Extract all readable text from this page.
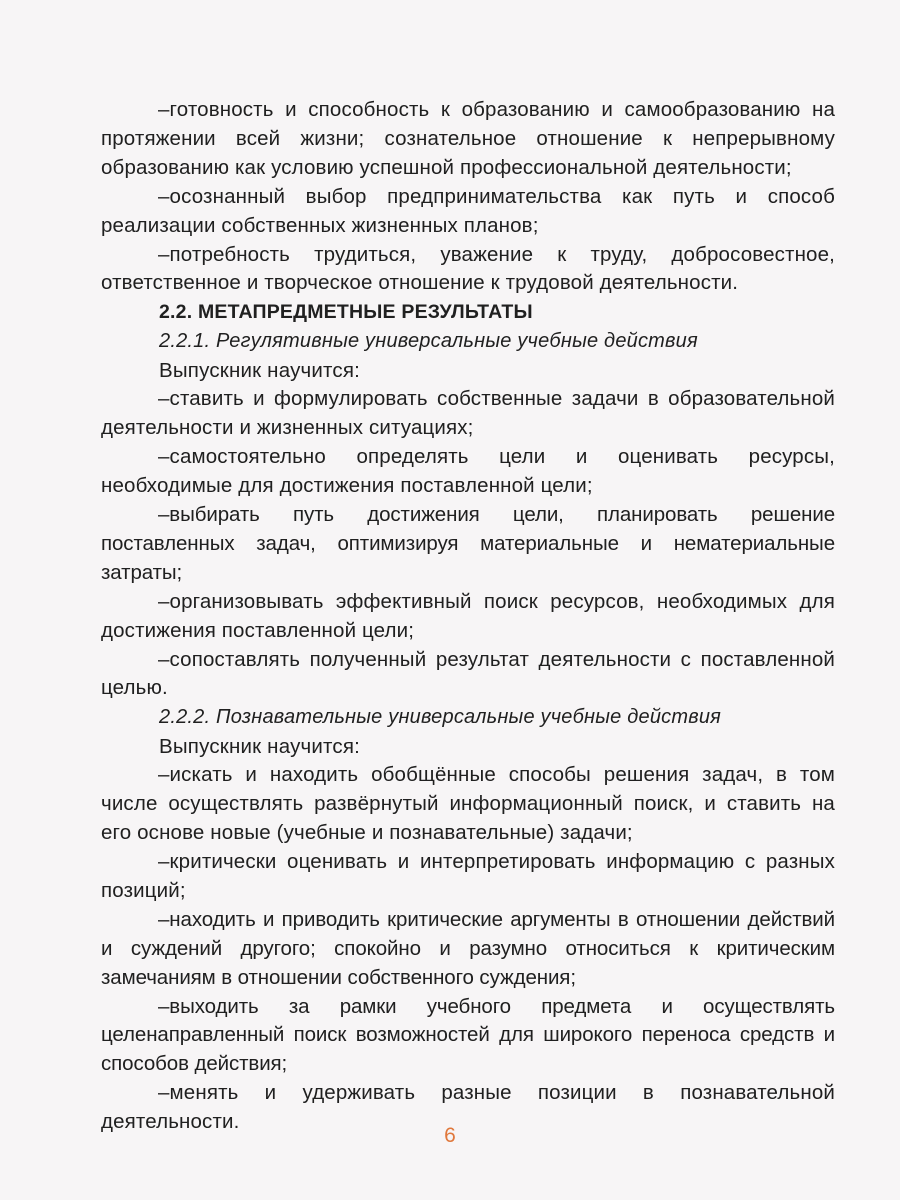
–готовность и способность к образованию и самообразованию на протяжении всей жизни; сознательное отношение к непрерывному образованию как условию успешной профессиональной деятельности;

–осознанный выбор предпринимательства как путь и способ реализации собственных жизненных планов;

–потребность трудиться, уважение к труду, добросовестное, ответственное и творческое отношение к трудовой деятельности.

2.2. МЕТАПРЕДМЕТНЫЕ РЕЗУЛЬТАТЫ

2.2.1. Регулятивные универсальные учебные действия

Выпускник научится:

–ставить и формулировать собственные задачи в образовательной деятельности и жизненных ситуациях;

–самостоятельно определять цели и оценивать ресурсы, необходимые для достижения поставленной цели;

–выбирать путь достижения цели, планировать решение поставленных задач, оптимизируя материальные и нематериальные затраты;

–организовывать эффективный поиск ресурсов, необходимых для достижения поставленной цели;

–сопоставлять полученный результат деятельности с поставленной целью.

2.2.2. Познавательные универсальные учебные действия

Выпускник научится:

–искать и находить обобщённые способы решения задач, в том числе осуществлять развёрнутый информационный поиск, и ставить на его основе новые (учебные и познавательные) задачи;

–критически оценивать и интерпретировать информацию с разных позиций;

–находить и приводить критические аргументы в отношении действий и суждений другого; спокойно и разумно относиться к критическим замечаниям в отношении собственного суждения;

–выходить за рамки учебного предмета и осуществлять целенаправленный поиск возможностей для широкого переноса средств и способов действия;

–менять и удерживать разные позиции в познавательной деятельности.

6
